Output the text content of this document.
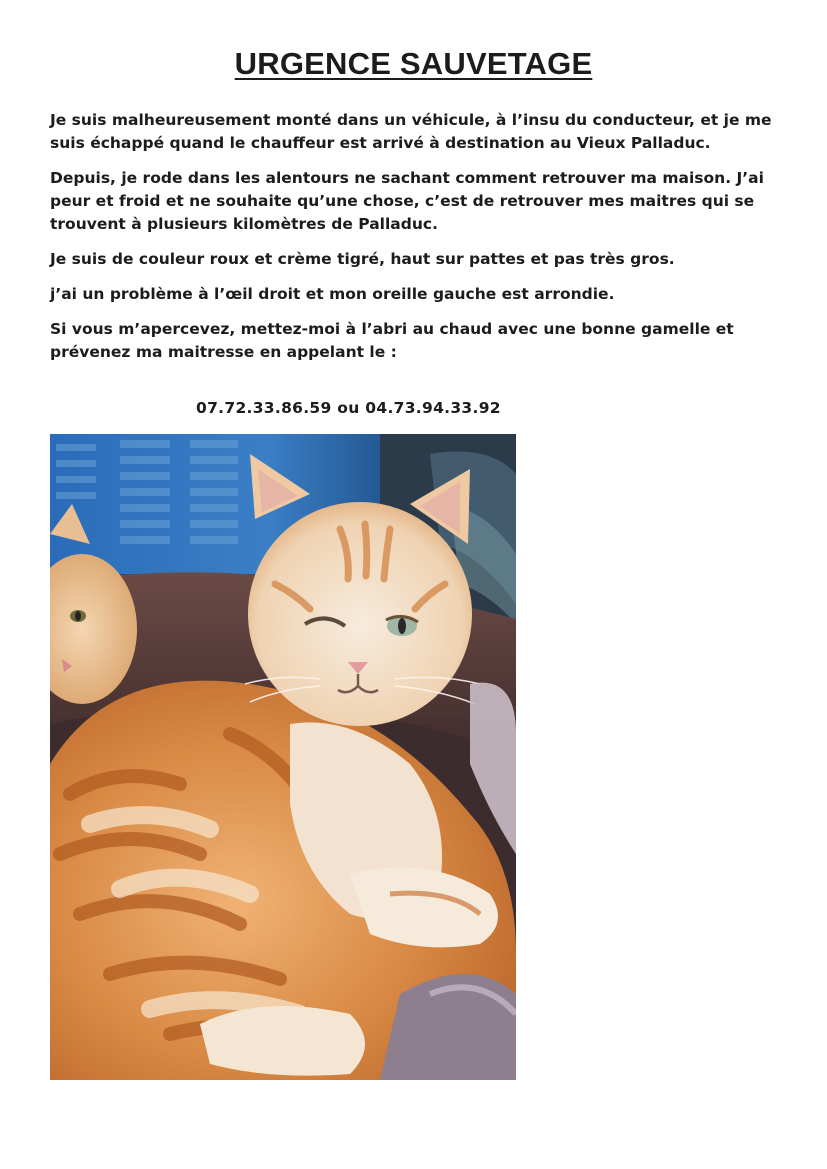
URGENCE SAUVETAGE

Je suis malheureusement monté dans un véhicule, à l’insu du conducteur, et je me suis échappé quand le chauffeur est arrivé à destination au Vieux Palladuc.

Depuis, je rode dans les alentours ne sachant comment retrouver ma maison. J’ai peur et froid et ne souhaite qu’une chose, c’est de retrouver mes maitres qui se trouvent à plusieurs kilomètres de Palladuc.

Je suis de couleur roux et crème tigré, haut sur pattes et pas très gros.

j’ai un problème à l’œil droit et mon oreille gauche est arrondie.

Si vous m’apercevez, mettez-moi à l’abri au chaud avec une bonne gamelle et prévenez ma maitresse en appelant le :

07.72.33.86.59 ou 04.73.94.33.92
